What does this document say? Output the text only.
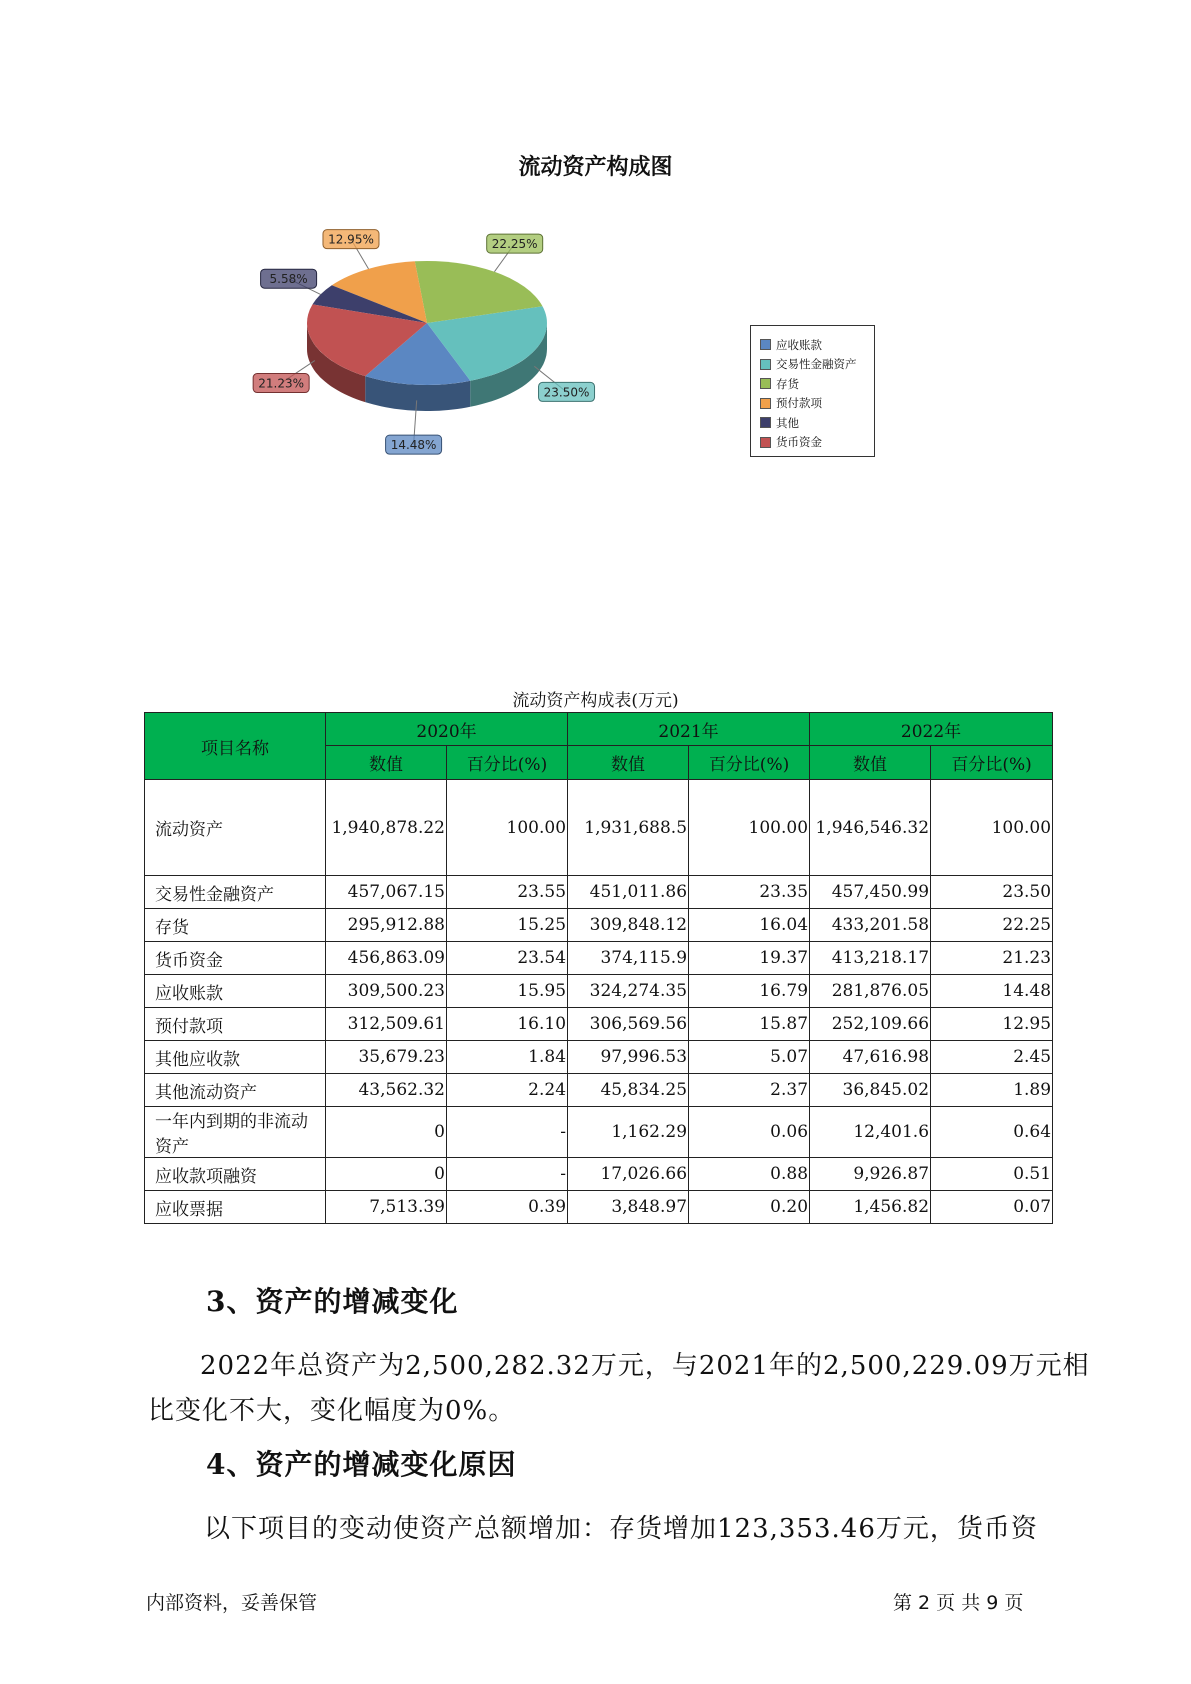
流动资产构成图
14.48%
23.50%
22.25%
12.95%
5.58%
21.23%
应收账款
交易性金融资产
存货
预付款项
其他
货币资金
流动资产构成表(万元)
项目名称	2020年		2021年		2022年	
	数值	百分比(%)	数值	百分比(%)	数值	百分比(%)
流动资产	1,940,878.22	100.00	1,931,688.5	100.00	1,946,546.32	100.00
交易性金融资产	457,067.15	23.55	451,011.86	23.35	457,450.99	23.50
存货	295,912.88	15.25	309,848.12	16.04	433,201.58	22.25
货币资金	456,863.09	23.54	374,115.9	19.37	413,218.17	21.23
应收账款	309,500.23	15.95	324,274.35	16.79	281,876.05	14.48
预付款项	312,509.61	16.10	306,569.56	15.87	252,109.66	12.95
其他应收款	35,679.23	1.84	97,996.53	5.07	47,616.98	2.45
其他流动资产	43,562.32	2.24	45,834.25	2.37	36,845.02	1.89
一年内到期的非流动资产	0	-	1,162.29	0.06	12,401.6	0.64
应收款项融资	0	-	17,026.66	0.88	9,926.87	0.51
应收票据	7,513.39	0.39	3,848.97	0.20	1,456.82	0.07
3、资产的增减变化
2022年总资产为2,500,282.32万元，与2021年的2,500,229.09万元相
比变化不大，变化幅度为0%。
4、资产的增减变化原因
以下项目的变动使资产总额增加：存货增加123,353.46万元，货币资
内部资料，妥善保管	第 2 页 共 9 页
